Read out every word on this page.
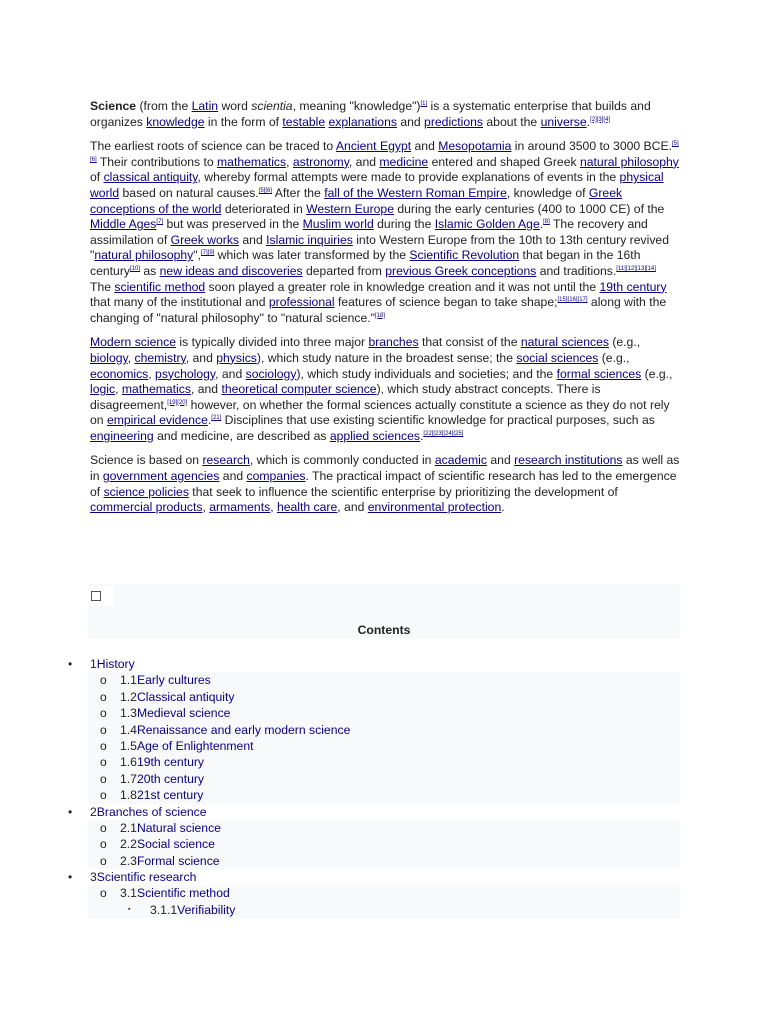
Science (from the Latin word scientia, meaning "knowledge")[1] is a systematic enterprise that builds and organizes knowledge in the form of testable explanations and predictions about the universe.[2][3][4]

The earliest roots of science can be traced to Ancient Egypt and Mesopotamia in around 3500 to 3000 BCE.[5][6] Their contributions to mathematics, astronomy, and medicine entered and shaped Greek natural philosophy of classical antiquity, whereby formal attempts were made to provide explanations of events in the physical world based on natural causes.[5][6] After the fall of the Western Roman Empire, knowledge of Greek conceptions of the world deteriorated in Western Europe during the early centuries (400 to 1000 CE) of the Middle Ages[7] but was preserved in the Muslim world during the Islamic Golden Age.[8] The recovery and assimilation of Greek works and Islamic inquiries into Western Europe from the 10th to 13th century revived "natural philosophy",[7][9] which was later transformed by the Scientific Revolution that began in the 16th century[10] as new ideas and discoveries departed from previous Greek conceptions and traditions.[11][12][13][14] The scientific method soon played a greater role in knowledge creation and it was not until the 19th century that many of the institutional and professional features of science began to take shape;[15][16][17] along with the changing of "natural philosophy" to "natural science."[18]

Modern science is typically divided into three major branches that consist of the natural sciences (e.g., biology, chemistry, and physics), which study nature in the broadest sense; the social sciences (e.g., economics, psychology, and sociology), which study individuals and societies; and the formal sciences (e.g., logic, mathematics, and theoretical computer science), which study abstract concepts. There is disagreement,[19][20] however, on whether the formal sciences actually constitute a science as they do not rely on empirical evidence.[21] Disciplines that use existing scientific knowledge for practical purposes, such as engineering and medicine, are described as applied sciences.[22][23][24][25]

Science is based on research, which is commonly conducted in academic and research institutions as well as in government agencies and companies. The practical impact of scientific research has led to the emergence of science policies that seek to influence the scientific enterprise by prioritizing the development of commercial products, armaments, health care, and environmental protection.

Contents
• 1History
o 1.1Early cultures
o 1.2Classical antiquity
o 1.3Medieval science
o 1.4Renaissance and early modern science
o 1.5Age of Enlightenment
o 1.619th century
o 1.720th century
o 1.821st century
• 2Branches of science
o 2.1Natural science
o 2.2Social science
o 2.3Formal science
• 3Scientific research
o 3.1Scientific method
▪ 3.1.1Verifiability
